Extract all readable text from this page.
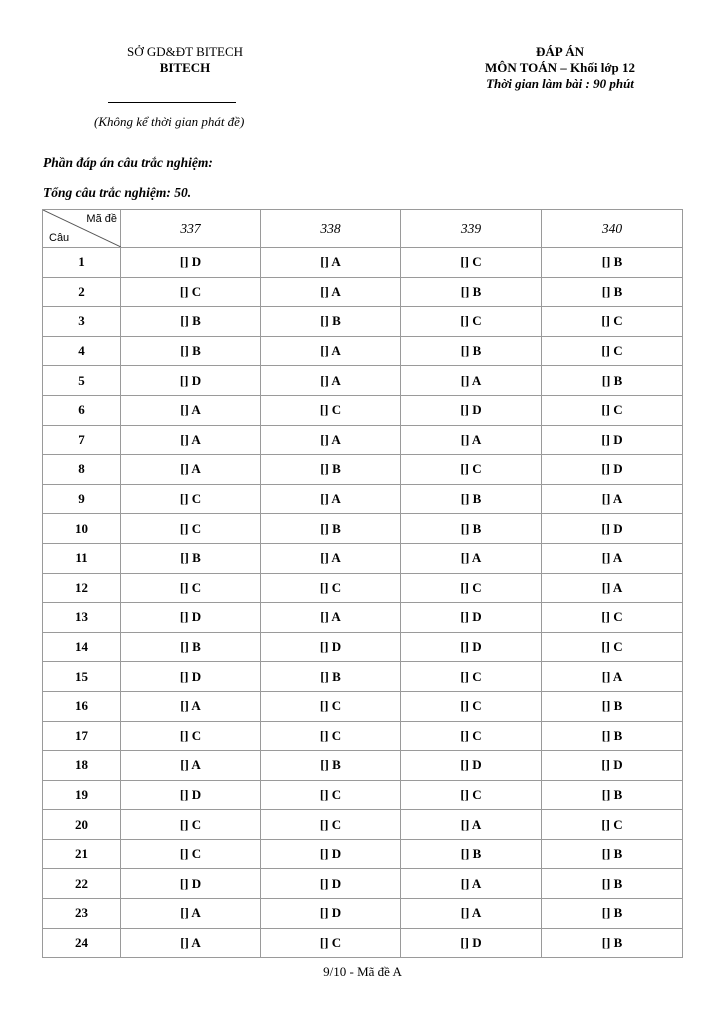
SỞ GD&ĐT BITECH
BITECH
(Không kể thời gian phát đề)
ĐÁP ÁN
MÔN TOÁN – Khối lớp 12
Thời gian làm bài : 90 phút
Phần đáp án câu trắc nghiệm:
Tổng câu trắc nghiệm: 50.
Mã đề
Câu	337	338	339	340
1	[] D	[] A	[] C	[] B
2	[] C	[] A	[] B	[] B
3	[] B	[] B	[] C	[] C
4	[] B	[] A	[] B	[] C
5	[] D	[] A	[] A	[] B
6	[] A	[] C	[] D	[] C
7	[] A	[] A	[] A	[] D
8	[] A	[] B	[] C	[] D
9	[] C	[] A	[] B	[] A
10	[] C	[] B	[] B	[] D
11	[] B	[] A	[] A	[] A
12	[] C	[] C	[] C	[] A
13	[] D	[] A	[] D	[] C
14	[] B	[] D	[] D	[] C
15	[] D	[] B	[] C	[] A
16	[] A	[] C	[] C	[] B
17	[] C	[] C	[] C	[] B
18	[] A	[] B	[] D	[] D
19	[] D	[] C	[] C	[] B
20	[] C	[] C	[] A	[] C
21	[] C	[] D	[] B	[] B
22	[] D	[] D	[] A	[] B
23	[] A	[] D	[] A	[] B
24	[] A	[] C	[] D	[] B
9/10 - Mã đề A
